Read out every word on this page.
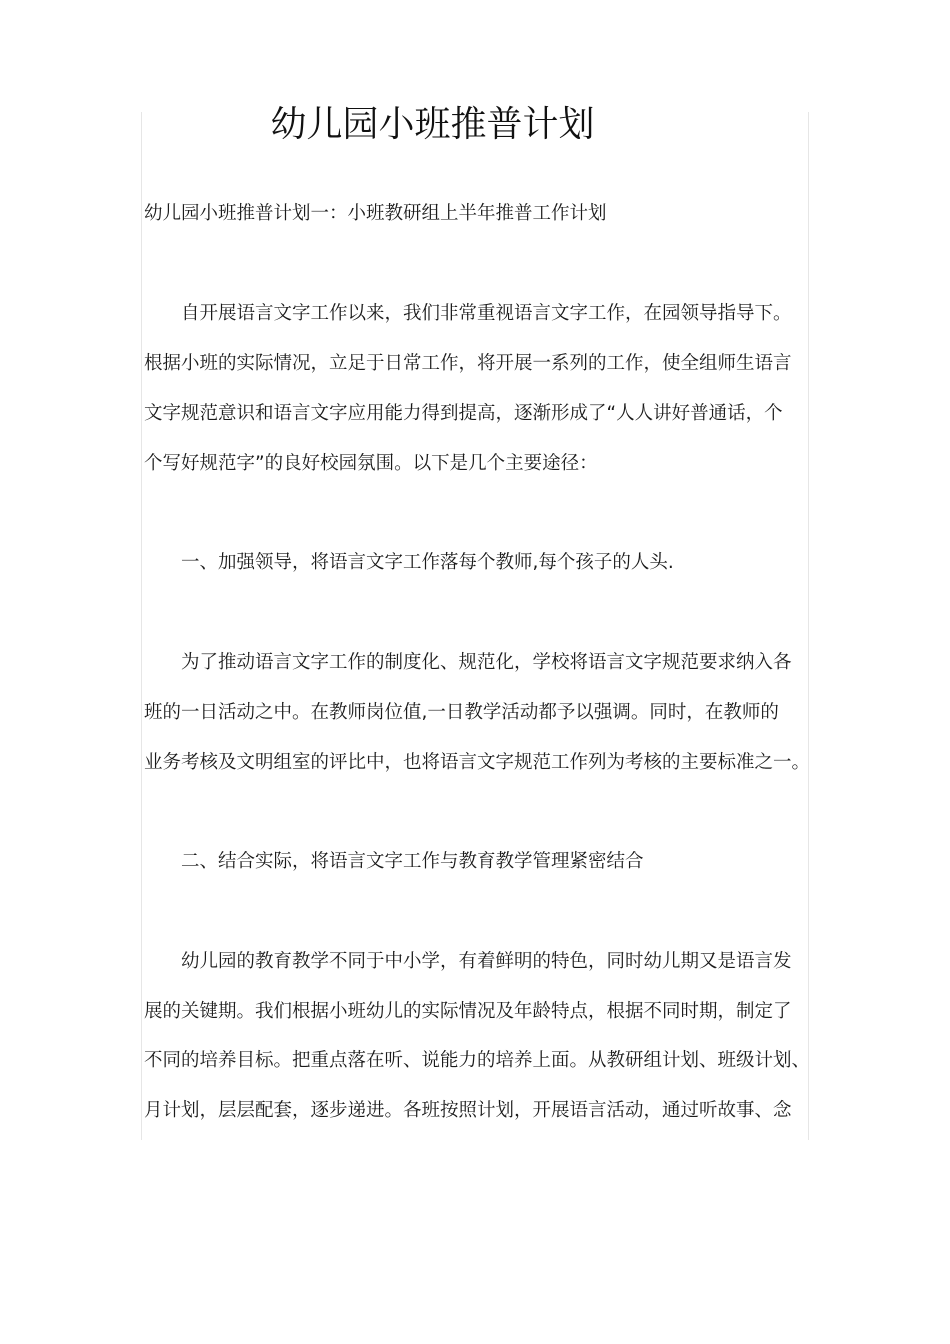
幼儿园小班推普计划
幼儿园小班推普计划一：小班教研组上半年推普工作计划
自开展语言文字工作以来，我们非常重视语言文字工作，在园领导指导下。
根据小班的实际情况，立足于日常工作，将开展一系列的工作，使全组师生语言
文字规范意识和语言文字应用能力得到提高，逐渐形成了“人人讲好普通话，个
个写好规范字”的良好校园氛围。以下是几个主要途径：
一、加强领导，将语言文字工作落每个教师,每个孩子的人头.
为了推动语言文字工作的制度化、规范化，学校将语言文字规范要求纳入各
班的一日活动之中。在教师岗位值,一日教学活动都予以强调。同时，在教师的
业务考核及文明组室的评比中，也将语言文字规范工作列为考核的主要标准之一。
二、结合实际，将语言文字工作与教育教学管理紧密结合
幼儿园的教育教学不同于中小学，有着鲜明的特色，同时幼儿期又是语言发
展的关键期。我们根据小班幼儿的实际情况及年龄特点，根据不同时期，制定了
不同的培养目标。把重点落在听、说能力的培养上面。从教研组计划、班级计划、
月计划，层层配套，逐步递进。各班按照计划，开展语言活动，通过听故事、念
